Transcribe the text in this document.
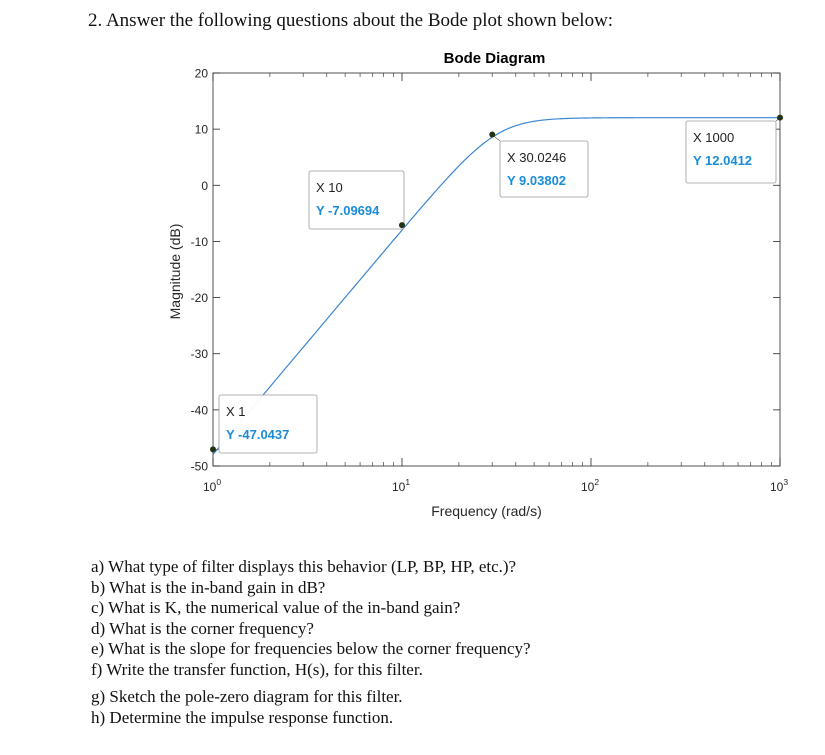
2. Answer the following questions about the Bode plot shown below:
20
10
0
-10
-20
-30
-40
-50
$10^0$	$10^1$	$10^2$	$10^3$
Bode Diagram
Frequency (rad/s)
Magnitude (dB)
X 1
Y -47.0437
X 10
Y -7.09694
X 30.0246
Y 9.03802
X 1000
Y 12.0412
a) What type of filter displays this behavior (LP, BP, HP, etc.)?
b) What is the in-band gain in dB?
c) What is K, the numerical value of the in-band gain?
d) What is the corner frequency?
e) What is the slope for frequencies below the corner frequency?
f) Write the transfer function, H(s), for this filter.
g) Sketch the pole-zero diagram for this filter.
h) Determine the impulse response function.
